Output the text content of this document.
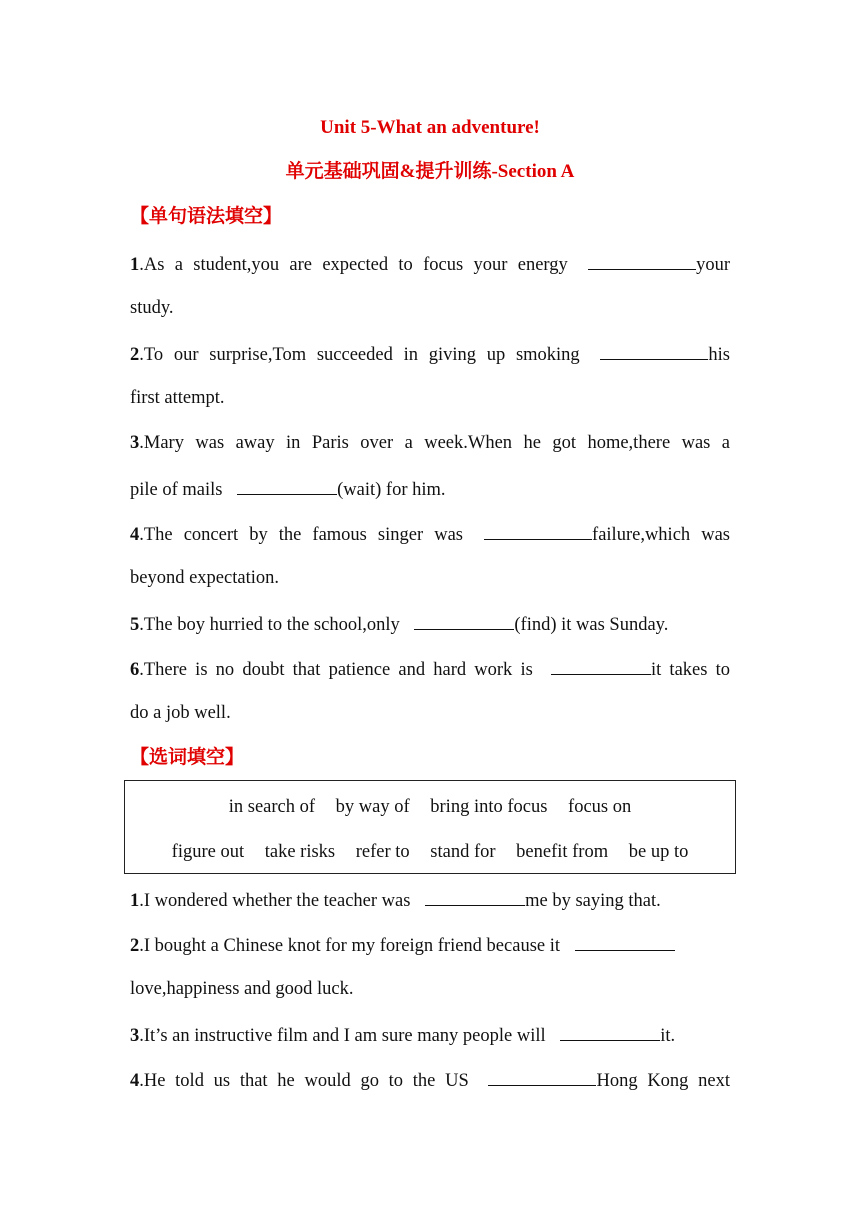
Unit 5-What an adventure!
单元基础巩固&提升训练-Section A
【单句语法填空】
1.As a student,you are expected to focus your energy	your
study.
2.To our surprise,Tom succeeded in giving up smoking	his
first attempt.
3.Mary was away in Paris over a week.When he got home,there was a
pile of mails	(wait) for him.
4.The concert by the famous singer was	failure,which was
beyond expectation.
5.The boy hurried to the school,only	(find) it was Sunday.
6.There is no doubt that patience and hard work is	it takes to
do a job well.
【选词填空】
in search of by way of bring into focus focus on
figure out take risks refer to stand for benefit from be up to
1.I wondered whether the teacher was	me by saying that.
2.I bought a Chinese knot for my foreign friend because it
love,happiness and good luck.
3.It’s an instructive film and I am sure many people will	it.
4.He told us that he would go to the US	Hong Kong next
